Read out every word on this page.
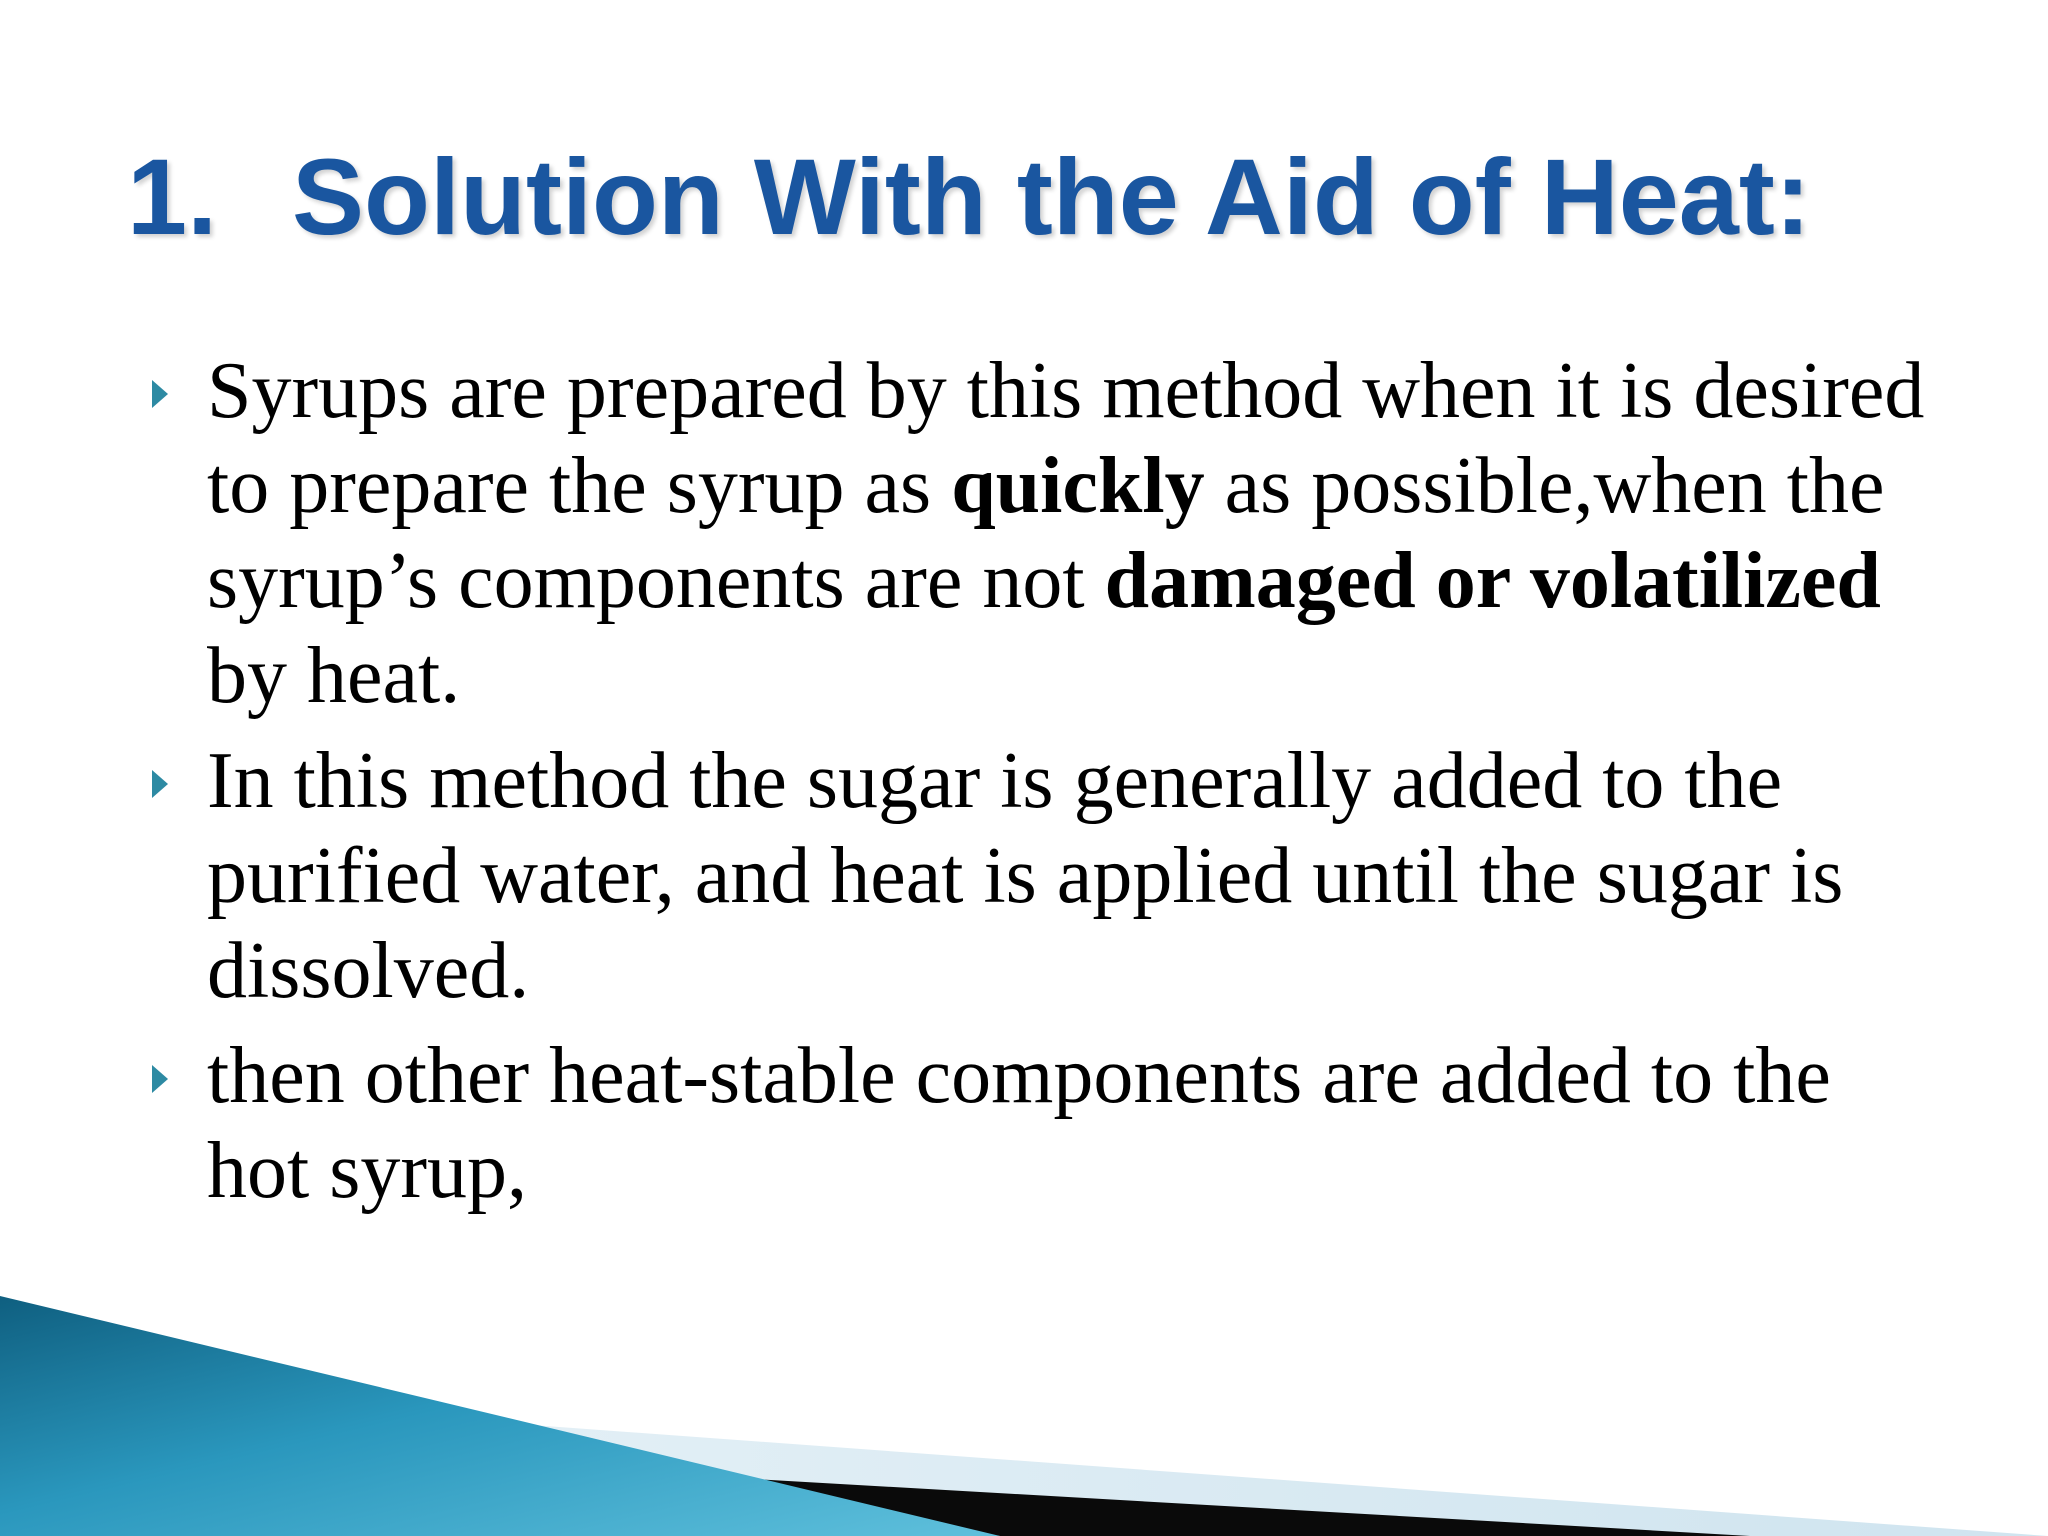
1. Solution With the Aid of Heat:
Syrups are prepared by this method when it is desired to prepare the syrup as quickly as possible,when the syrup’s components are not damaged or volatilized by heat.
In this method the sugar is generally added to the purified water, and heat is applied until the sugar is dissolved.
then other heat-stable components are added to the hot syrup,
